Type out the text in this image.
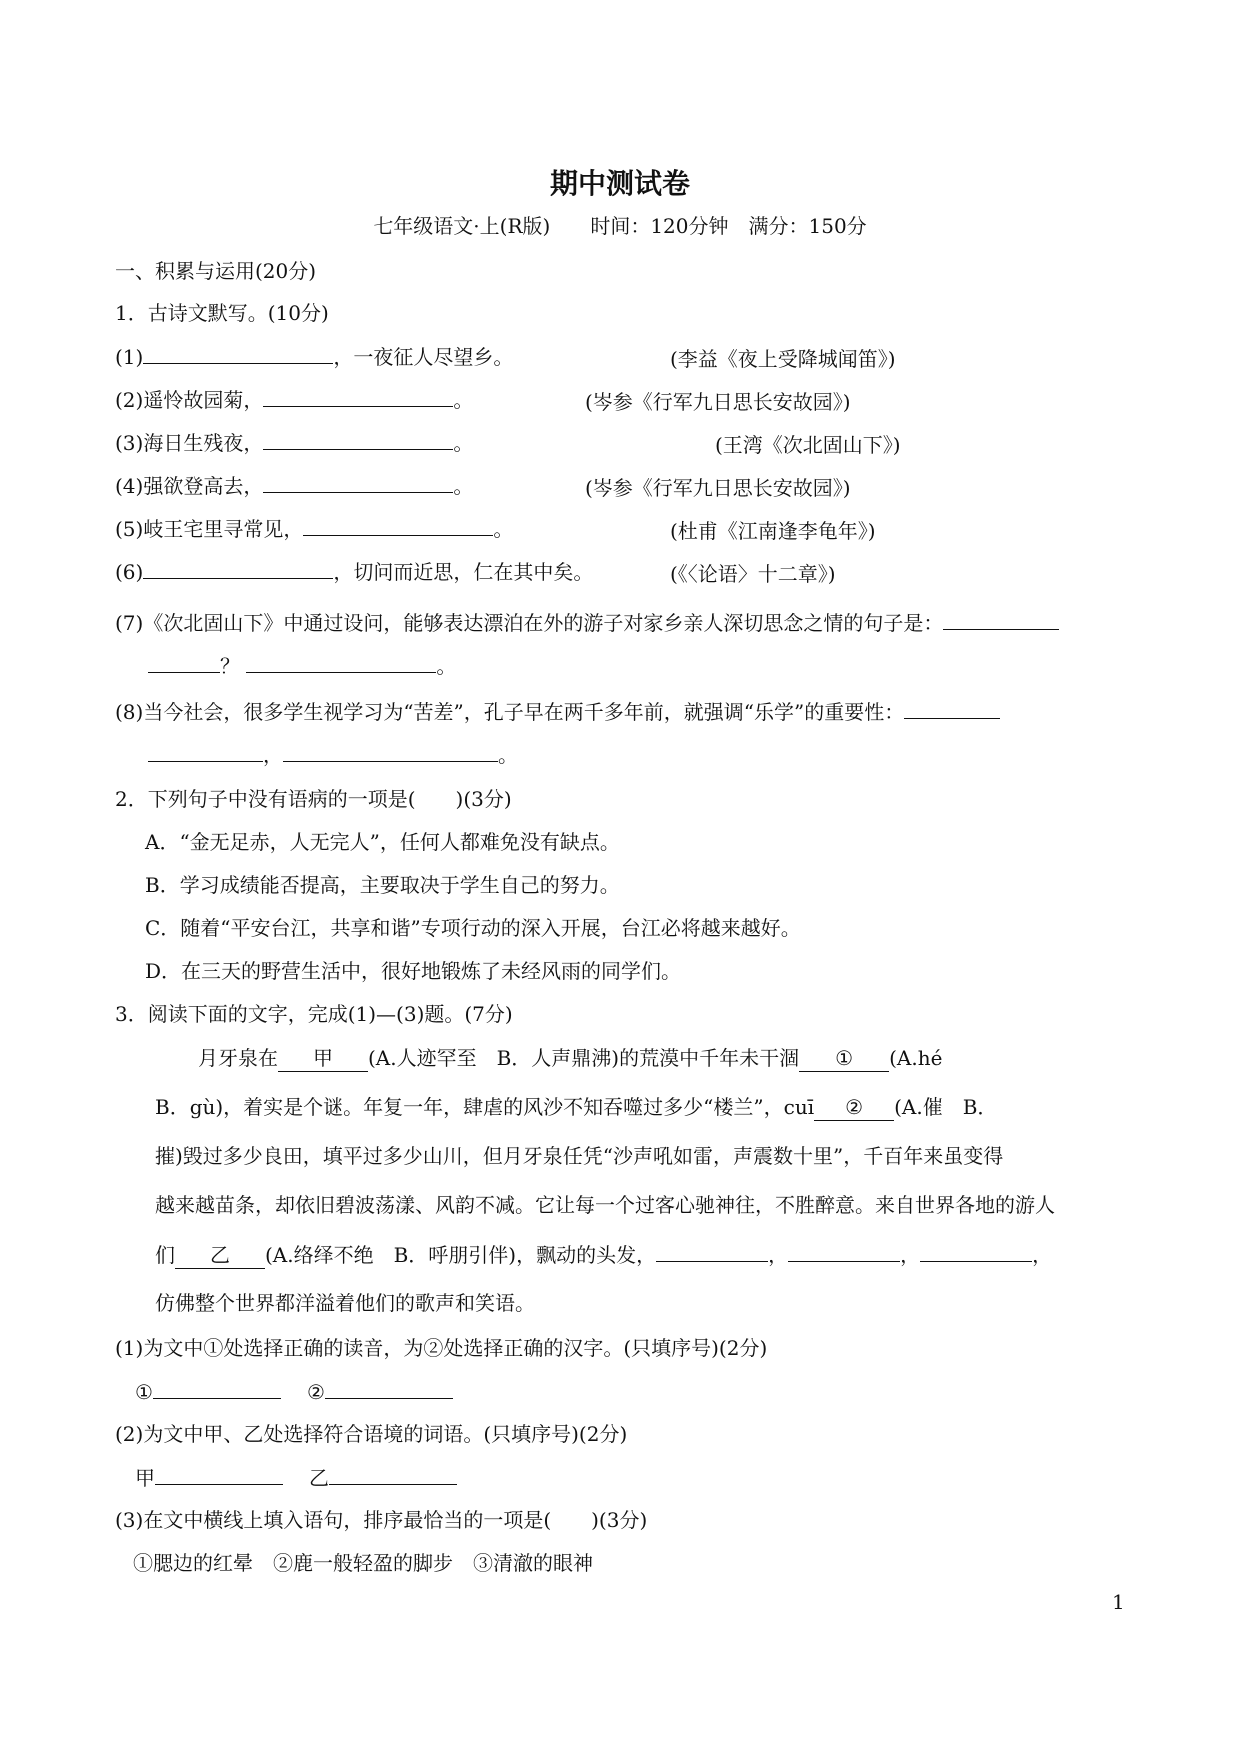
期中测试卷
七年级语文·上(R版)　　时间：120分钟　满分：150分
一、积累与运用(20分)
1．古诗文默写。(10分)
(1)	，一夜征人尽望乡。	(李益《夜上受降城闻笛》)
(2)遥怜故园菊，	。	(岑参《行军九日思长安故园》)
(3)海日生残夜，	。	(王湾《次北固山下》)
(4)强欲登高去，	。	(岑参《行军九日思长安故园》)
(5)岐王宅里寻常见，	。	(杜甫《江南逢李龟年》)
(6)	，切问而近思，仁在其中矣。	(《〈论语〉十二章》)
(7)《次北固山下》中通过设问，能够表达漂泊在外的游子对家乡亲人深切思念之情的句子是：
？	。
(8)当今社会，很多学生视学习为“苦差”，孔子早在两千多年前，就强调“乐学”的重要性：
，	。
2．下列句子中没有语病的一项是(　　)(3分)
A．“金无足赤，人无完人”，任何人都难免没有缺点。
B．学习成绩能否提高，主要取决于学生自己的努力。
C．随着“平安台江，共享和谐”专项行动的深入开展，台江必将越来越好。
D．在三天的野营生活中，很好地锻炼了未经风雨的同学们。
3．阅读下面的文字，完成(1)—(3)题。(7分)
月牙泉在 甲 (A.人迹罕至　B．人声鼎沸)的荒漠中千年未干涸 ① (A.hé
B．gù)，着实是个谜。年复一年，肆虐的风沙不知吞噬过多少“楼兰”，cuī ② (A.催　B．
摧)毁过多少良田，填平过多少山川，但月牙泉任凭“沙声吼如雷，声震数十里”，千百年来虽变得
越来越苗条，却依旧碧波荡漾、风韵不减。它让每一个过客心驰神往，不胜醉意。来自世界各地的游人
们 乙 (A.络绎不绝　B．呼朋引伴)，飘动的头发，	，	，	，
仿佛整个世界都洋溢着他们的歌声和笑语。
(1)为文中①处选择正确的读音，为②处选择正确的汉字。(只填序号)(2分)
①	②
(2)为文中甲、乙处选择符合语境的词语。(只填序号)(2分)
甲	乙
(3)在文中横线上填入语句，排序最恰当的一项是(　　)(3分)
①腮边的红晕　②鹿一般轻盈的脚步　③清澈的眼神
1
